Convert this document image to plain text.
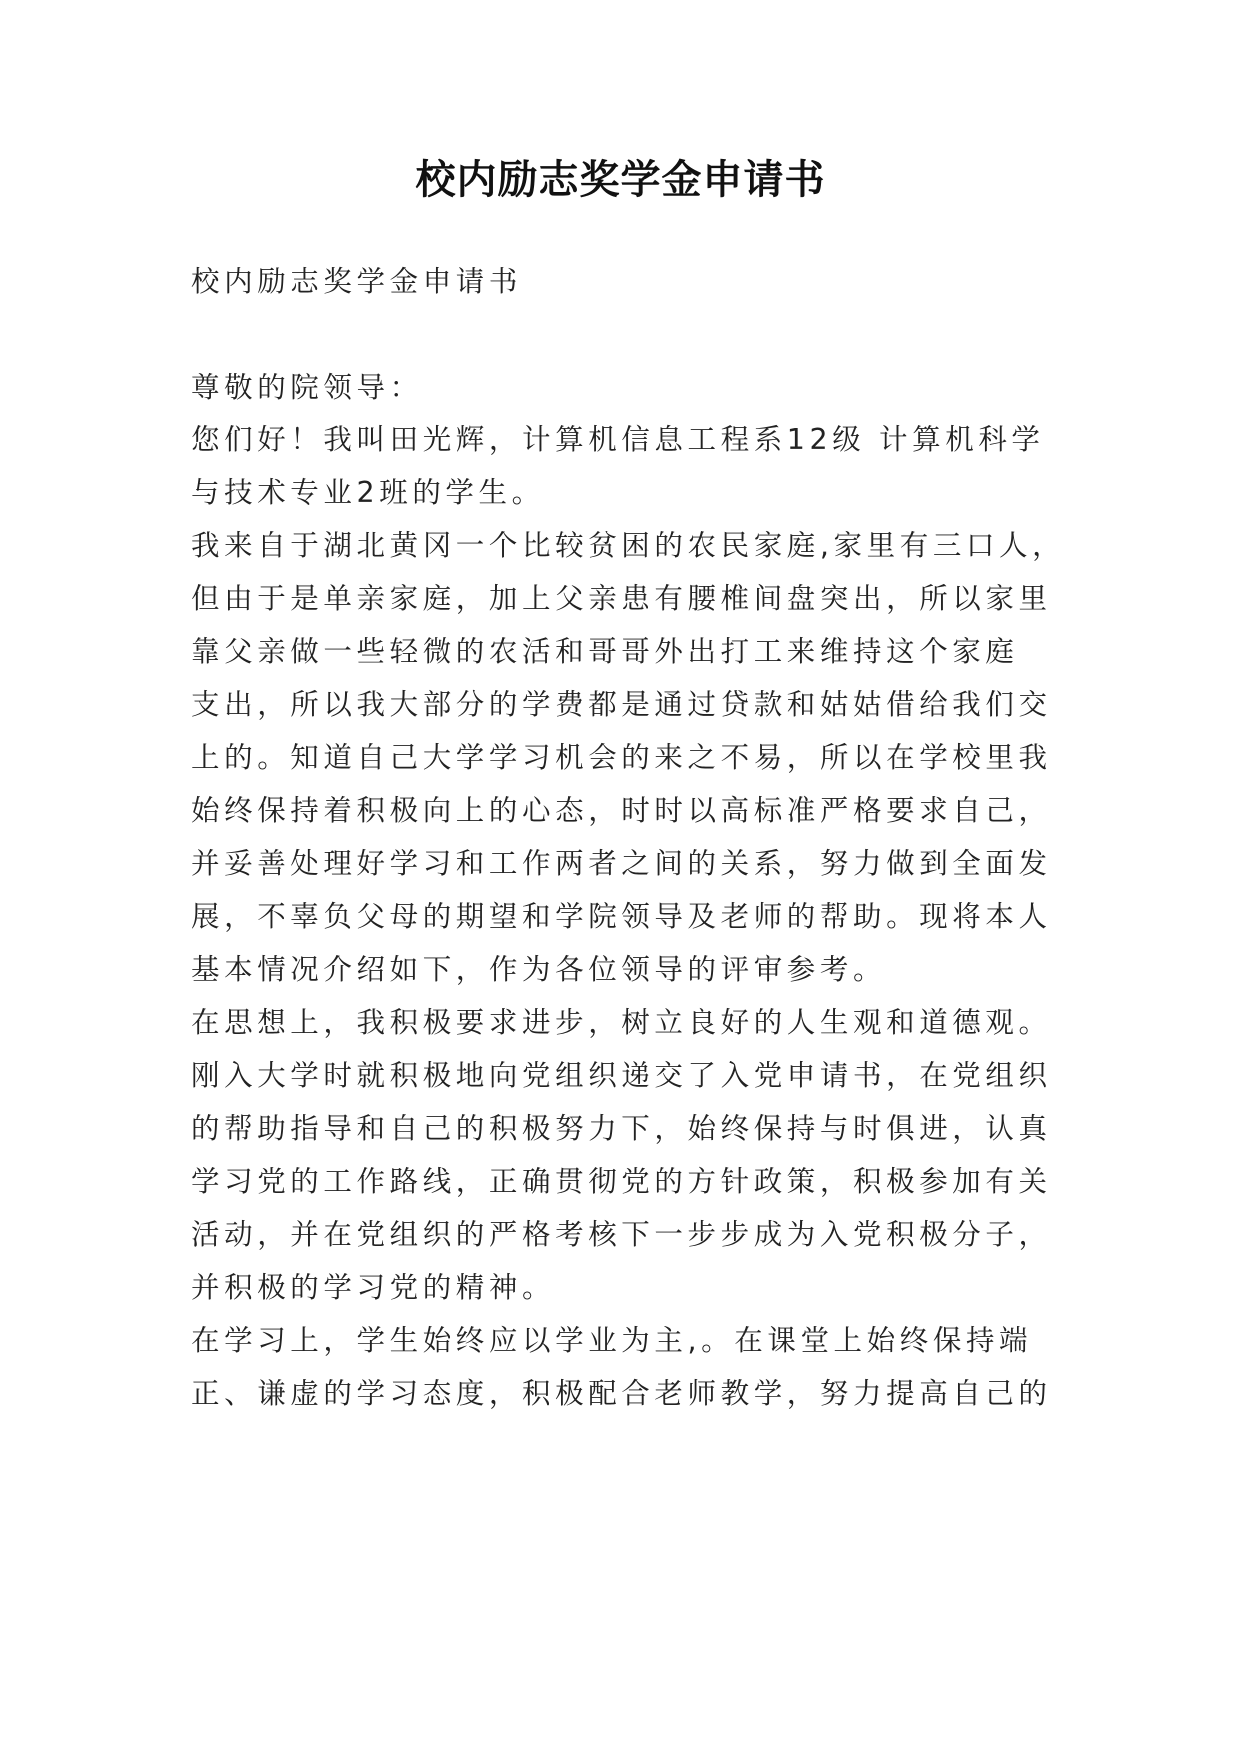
校内励志奖学金申请书
校内励志奖学金申请书
尊敬的院领导：
您们好！我叫田光辉，计算机信息工程系12级 计算机科学
与技术专业2班的学生。
我来自于湖北黄冈一个比较贫困的农民家庭,家里有三口人，
但由于是单亲家庭，加上父亲患有腰椎间盘突出，所以家里
靠父亲做一些轻微的农活和哥哥外出打工来维持这个家庭
支出，所以我大部分的学费都是通过贷款和姑姑借给我们交
上的。知道自己大学学习机会的来之不易，所以在学校里我
始终保持着积极向上的心态，时时以高标准严格要求自己，
并妥善处理好学习和工作两者之间的关系，努力做到全面发
展，不辜负父母的期望和学院领导及老师的帮助。现将本人
基本情况介绍如下，作为各位领导的评审参考。
在思想上，我积极要求进步，树立良好的人生观和道德观。
刚入大学时就积极地向党组织递交了入党申请书，在党组织
的帮助指导和自己的积极努力下，始终保持与时俱进，认真
学习党的工作路线，正确贯彻党的方针政策，积极参加有关
活动，并在党组织的严格考核下一步步成为入党积极分子，
并积极的学习党的精神。
在学习上，学生始终应以学业为主,。在课堂上始终保持端
正、谦虚的学习态度，积极配合老师教学，努力提高自己的
